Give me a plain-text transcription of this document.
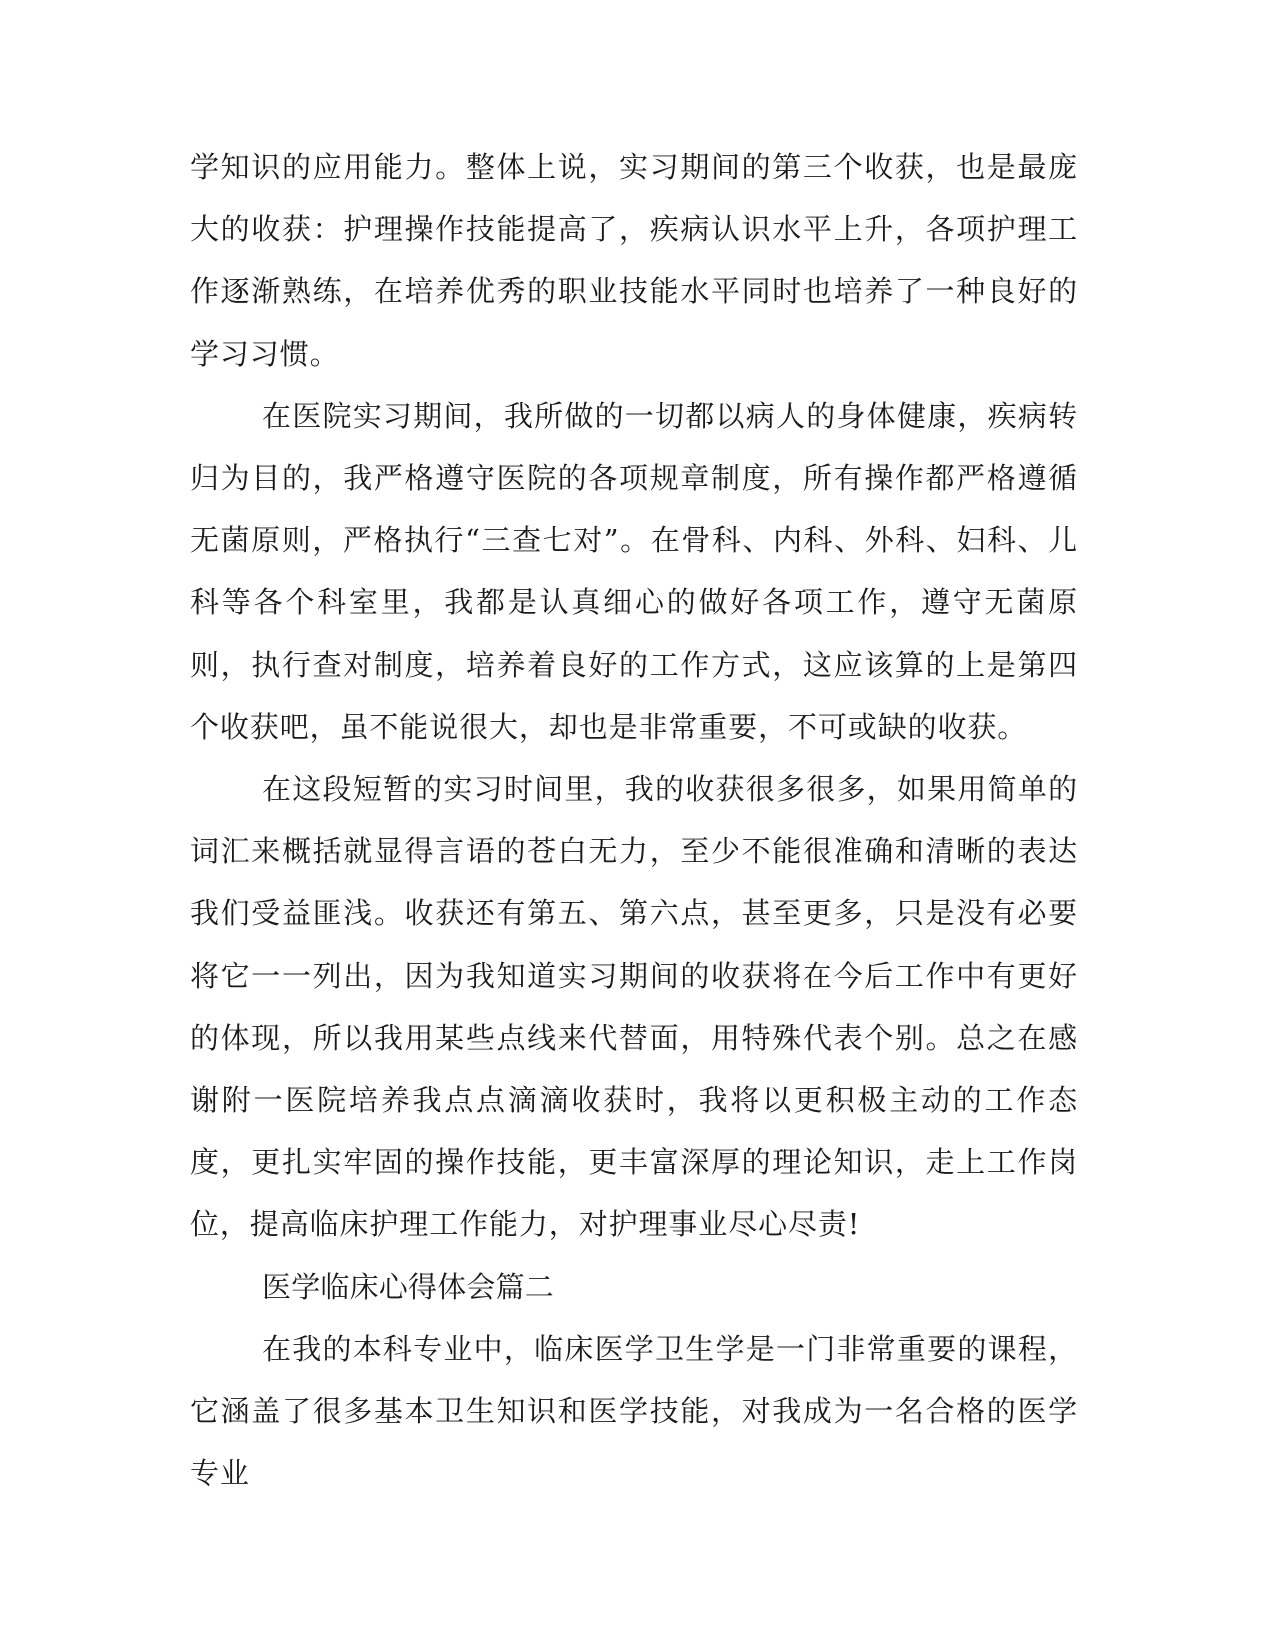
学知识的应用能力。整体上说，实习期间的第三个收获，也是最庞大的收获：护理操作技能提高了，疾病认识水平上升，各项护理工作逐渐熟练，在培养优秀的职业技能水平同时也培养了一种良好的学习习惯。

在医院实习期间，我所做的一切都以病人的身体健康，疾病转归为目的，我严格遵守医院的各项规章制度，所有操作都严格遵循无菌原则，严格执行“三查七对”。在骨科、内科、外科、妇科、儿科等各个科室里，我都是认真细心的做好各项工作，遵守无菌原则，执行查对制度，培养着良好的工作方式，这应该算的上是第四个收获吧，虽不能说很大，却也是非常重要，不可或缺的收获。

在这段短暂的实习时间里，我的收获很多很多，如果用简单的词汇来概括就显得言语的苍白无力，至少不能很准确和清晰的表达我们受益匪浅。收获还有第五、第六点，甚至更多，只是没有必要将它一一列出，因为我知道实习期间的收获将在今后工作中有更好的体现，所以我用某些点线来代替面，用特殊代表个别。总之在感谢附一医院培养我点点滴滴收获时，我将以更积极主动的工作态度，更扎实牢固的操作技能，更丰富深厚的理论知识，走上工作岗位，提高临床护理工作能力，对护理事业尽心尽责!

医学临床心得体会篇二

在我的本科专业中，临床医学卫生学是一门非常重要的课程，它涵盖了很多基本卫生知识和医学技能，对我成为一名合格的医学专业
